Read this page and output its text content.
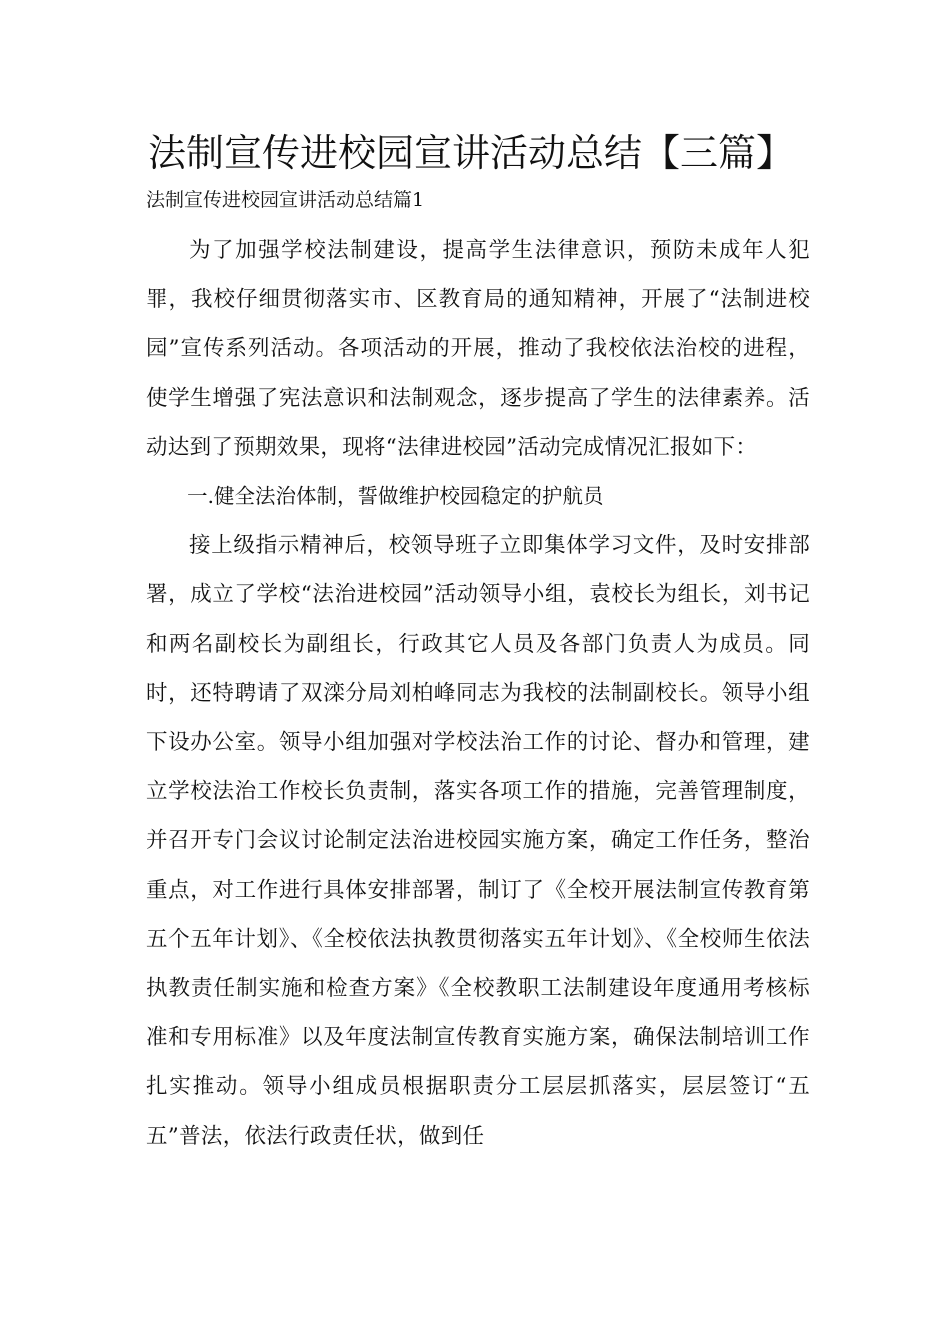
法制宣传进校园宣讲活动总结【三篇】
法制宣传进校园宣讲活动总结篇1

为了加强学校法制建设，提高学生法律意识，预防未成年人犯罪，我校仔细贯彻落实市、区教育局的通知精神，开展了“法制进校园”宣传系列活动。各项活动的开展，推动了我校依法治校的进程，使学生增强了宪法意识和法制观念，逐步提高了学生的法律素养。活动达到了预期效果，现将“法律进校园”活动完成情况汇报如下：

一.健全法治体制，誓做维护校园稳定的护航员

接上级指示精神后，校领导班子立即集体学习文件，及时安排部署，成立了学校“法治进校园”活动领导小组，袁校长为组长，刘书记和两名副校长为副组长，行政其它人员及各部门负责人为成员。同时，还特聘请了双滦分局刘柏峰同志为我校的法制副校长。领导小组下设办公室。领导小组加强对学校法治工作的讨论、督办和管理，建立学校法治工作校长负责制，落实各项工作的措施，完善管理制度，并召开专门会议讨论制定法治进校园实施方案，确定工作任务，整治重点，对工作进行具体安排部署，制订了《全校开展法制宣传教育第五个五年计划》、《全校依法执教贯彻落实五年计划》、《全校师生依法执教责任制实施和检查方案》《全校教职工法制建设年度通用考核标准和专用标准》以及年度法制宣传教育实施方案，确保法制培训工作扎实推动。领导小组成员根据职责分工层层抓落实，层层签订“五五”普法，依法行政责任状，做到任
